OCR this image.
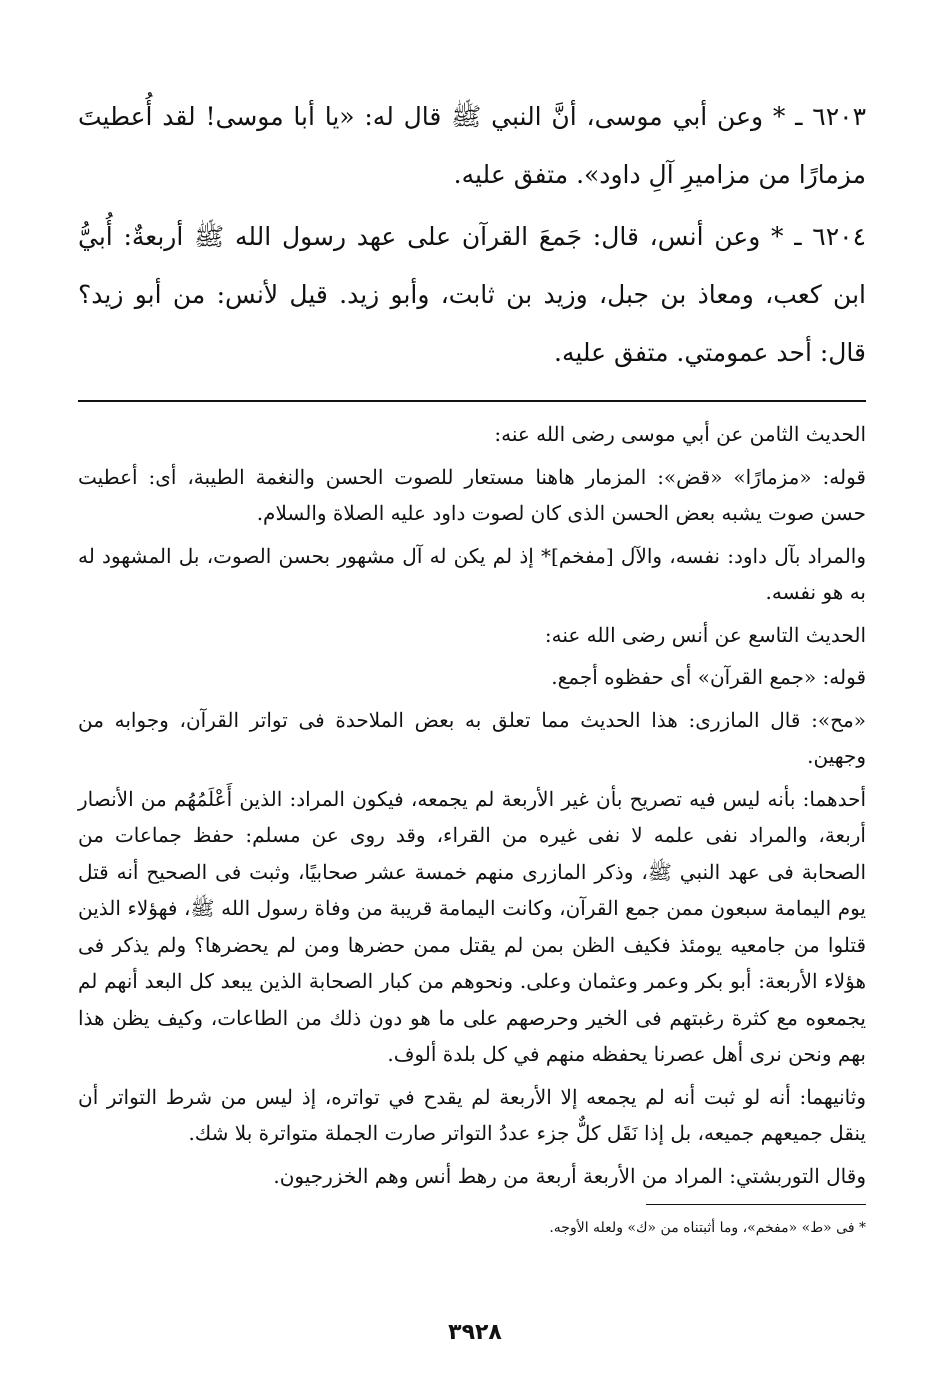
٦٢٠٣ ـ * وعن أبي موسى، أنَّ النبي ﷺ قال له: «يا أبا موسى! لقد أُعطيتَ مزمارًا من مزاميرِ آلِ داود». متفق عليه.

٦٢٠٤ ـ * وعن أنس، قال: جَمعَ القرآن على عهد رسول الله ﷺ أربعةٌ: أُبيُّ ابن كعب، ومعاذ بن جبل، وزيد بن ثابت، وأبو زيد. قيل لأنس: من أبو زيد؟ قال: أحد عمومتي. متفق عليه.

الحديث الثامن عن أبي موسى رضى الله عنه:

قوله: «مزمارًا» «قض»: المزمار هاهنا مستعار للصوت الحسن والنغمة الطيبة، أى: أعطيت حسن صوت يشبه بعض الحسن الذى كان لصوت داود عليه الصلاة والسلام.

والمراد بآل داود: نفسه، والآل [مفخم]* إذ لم يكن له آل مشهور بحسن الصوت، بل المشهود له به هو نفسه.

الحديث التاسع عن أنس رضى الله عنه:

قوله: «جمع القرآن» أى حفظوه أجمع.

«مح»: قال المازرى: هذا الحديث مما تعلق به بعض الملاحدة فى تواتر القرآن، وجوابه من وجهين.

أحدهما: بأنه ليس فيه تصريح بأن غير الأربعة لم يجمعه، فيكون المراد: الذين أَعْلَمُهُم من الأنصار أربعة، والمراد نفى علمه لا نفى غيره من القراء، وقد روى عن مسلم: حفظ جماعات من الصحابة فى عهد النبي ﷺ، وذكر المازرى منهم خمسة عشر صحابيًا، وثبت فى الصحيح أنه قتل يوم اليمامة سبعون ممن جمع القرآن، وكانت اليمامة قريبة من وفاة رسول الله ﷺ، فهؤلاء الذين قتلوا من جامعيه يومئذ فكيف الظن بمن لم يقتل ممن حضرها ومن لم يحضرها؟ ولم يذكر فى هؤلاء الأربعة: أبو بكر وعمر وعثمان وعلى. ونحوهم من كبار الصحابة الذين يبعد كل البعد أنهم لم يجمعوه مع كثرة رغبتهم فى الخير وحرصهم على ما هو دون ذلك من الطاعات، وكيف يظن هذا بهم ونحن نرى أهل عصرنا يحفظه منهم في كل بلدة ألوف.

وثانيهما: أنه لو ثبت أنه لم يجمعه إلا الأربعة لم يقدح في تواتره، إذ ليس من شرط التواتر أن ينقل جميعهم جميعه، بل إذا نَقَل كلٌّ جزء عددُ التواتر صارت الجملة متواترة بلا شك.

وقال التوربشتي: المراد من الأربعة أربعة من رهط أنس وهم الخزرجيون.

* فى «ط» «مفخم»، وما أثبتناه من «ك» ولعله الأوجه.

٣٩٢٨
